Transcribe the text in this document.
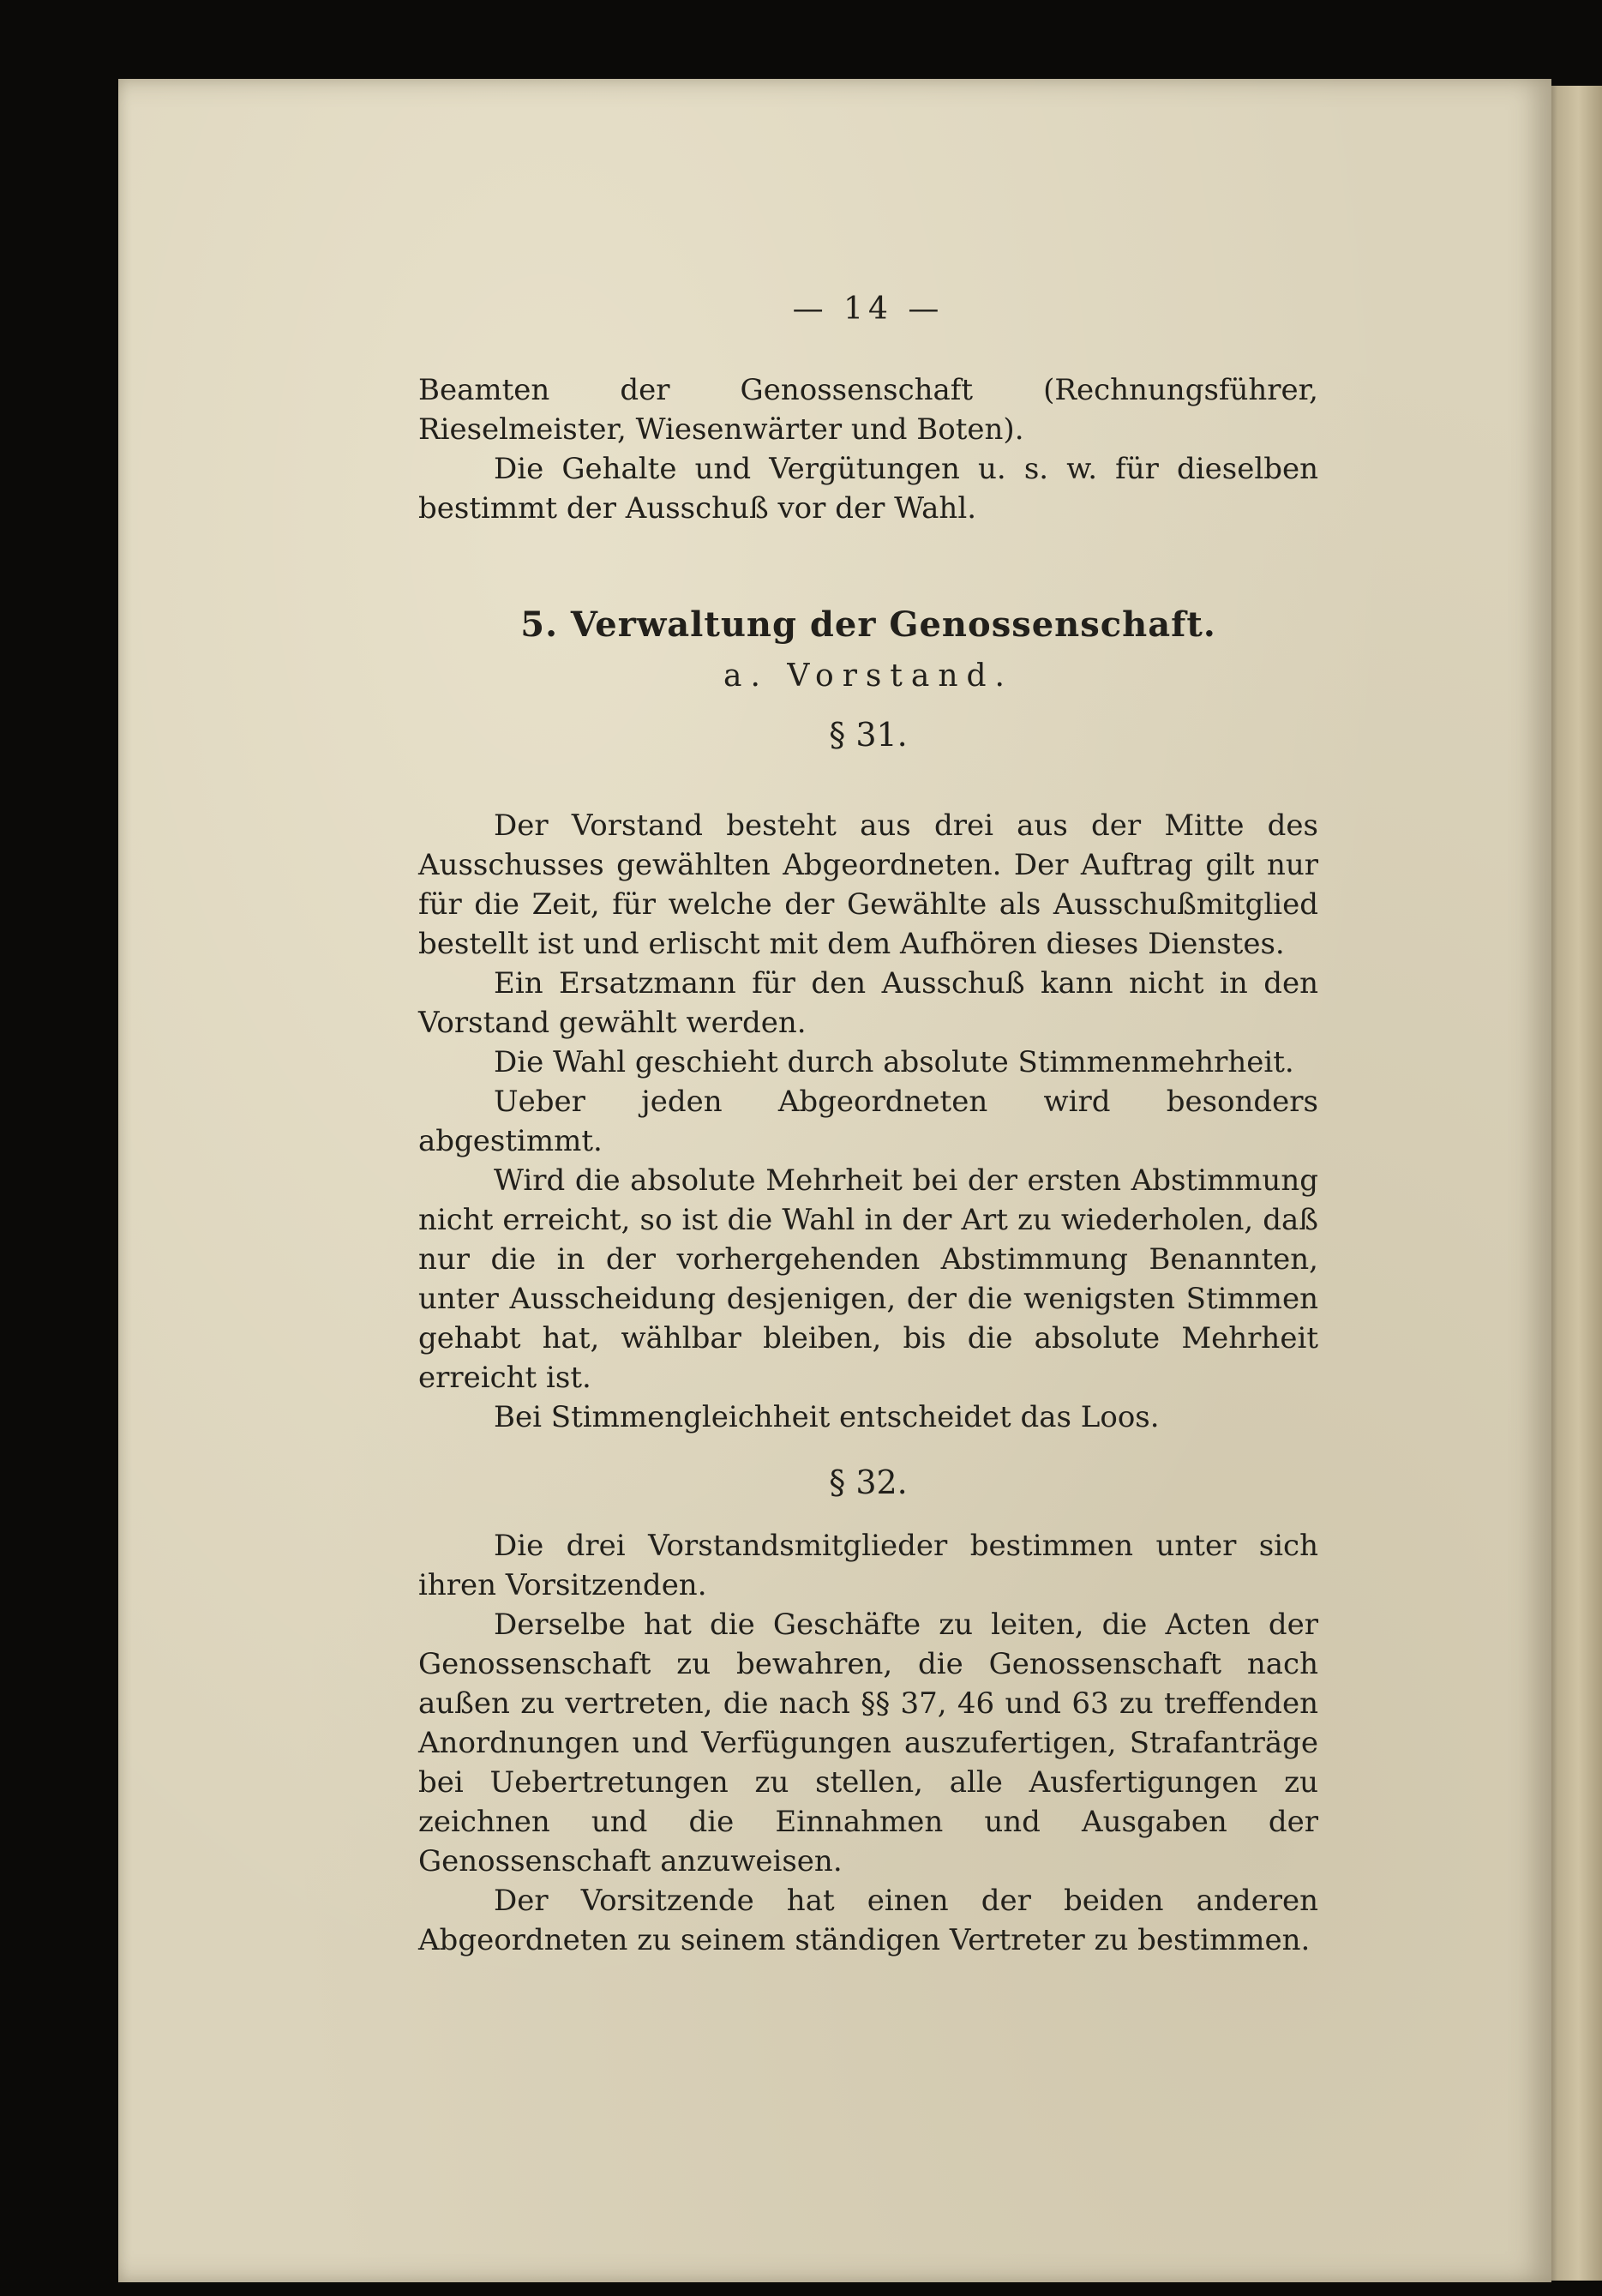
— 14 —

Beamten der Genossenschaft (Rechnungsführer, Rieselmeister, Wiesenwärter und Boten).

Die Gehalte und Vergütungen u. s. w. für dieselben bestimmt der Ausschuß vor der Wahl.

5. Verwaltung der Genossenschaft.
a. Vorstand.
§ 31.

Der Vorstand besteht aus drei aus der Mitte des Ausschusses gewählten Abgeordneten. Der Auftrag gilt nur für die Zeit, für welche der Gewählte als Ausschußmitglied bestellt ist und erlischt mit dem Aufhören dieses Dienstes.

Ein Ersatzmann für den Ausschuß kann nicht in den Vorstand gewählt werden.

Die Wahl geschieht durch absolute Stimmenmehrheit.

Ueber jeden Abgeordneten wird besonders abgestimmt.

Wird die absolute Mehrheit bei der ersten Abstimmung nicht erreicht, so ist die Wahl in der Art zu wiederholen, daß nur die in der vorhergehenden Abstimmung Benannten, unter Ausscheidung desjenigen, der die wenigsten Stimmen gehabt hat, wählbar bleiben, bis die absolute Mehrheit erreicht ist.

Bei Stimmengleichheit entscheidet das Loos.

§ 32.

Die drei Vorstandsmitglieder bestimmen unter sich ihren Vorsitzenden.

Derselbe hat die Geschäfte zu leiten, die Acten der Genossenschaft zu bewahren, die Genossenschaft nach außen zu vertreten, die nach §§ 37, 46 und 63 zu treffenden Anordnungen und Verfügungen auszufertigen, Strafanträge bei Uebertretungen zu stellen, alle Ausfertigungen zu zeichnen und die Einnahmen und Ausgaben der Genossenschaft anzuweisen.

Der Vorsitzende hat einen der beiden anderen Abgeordneten zu seinem ständigen Vertreter zu bestimmen.
